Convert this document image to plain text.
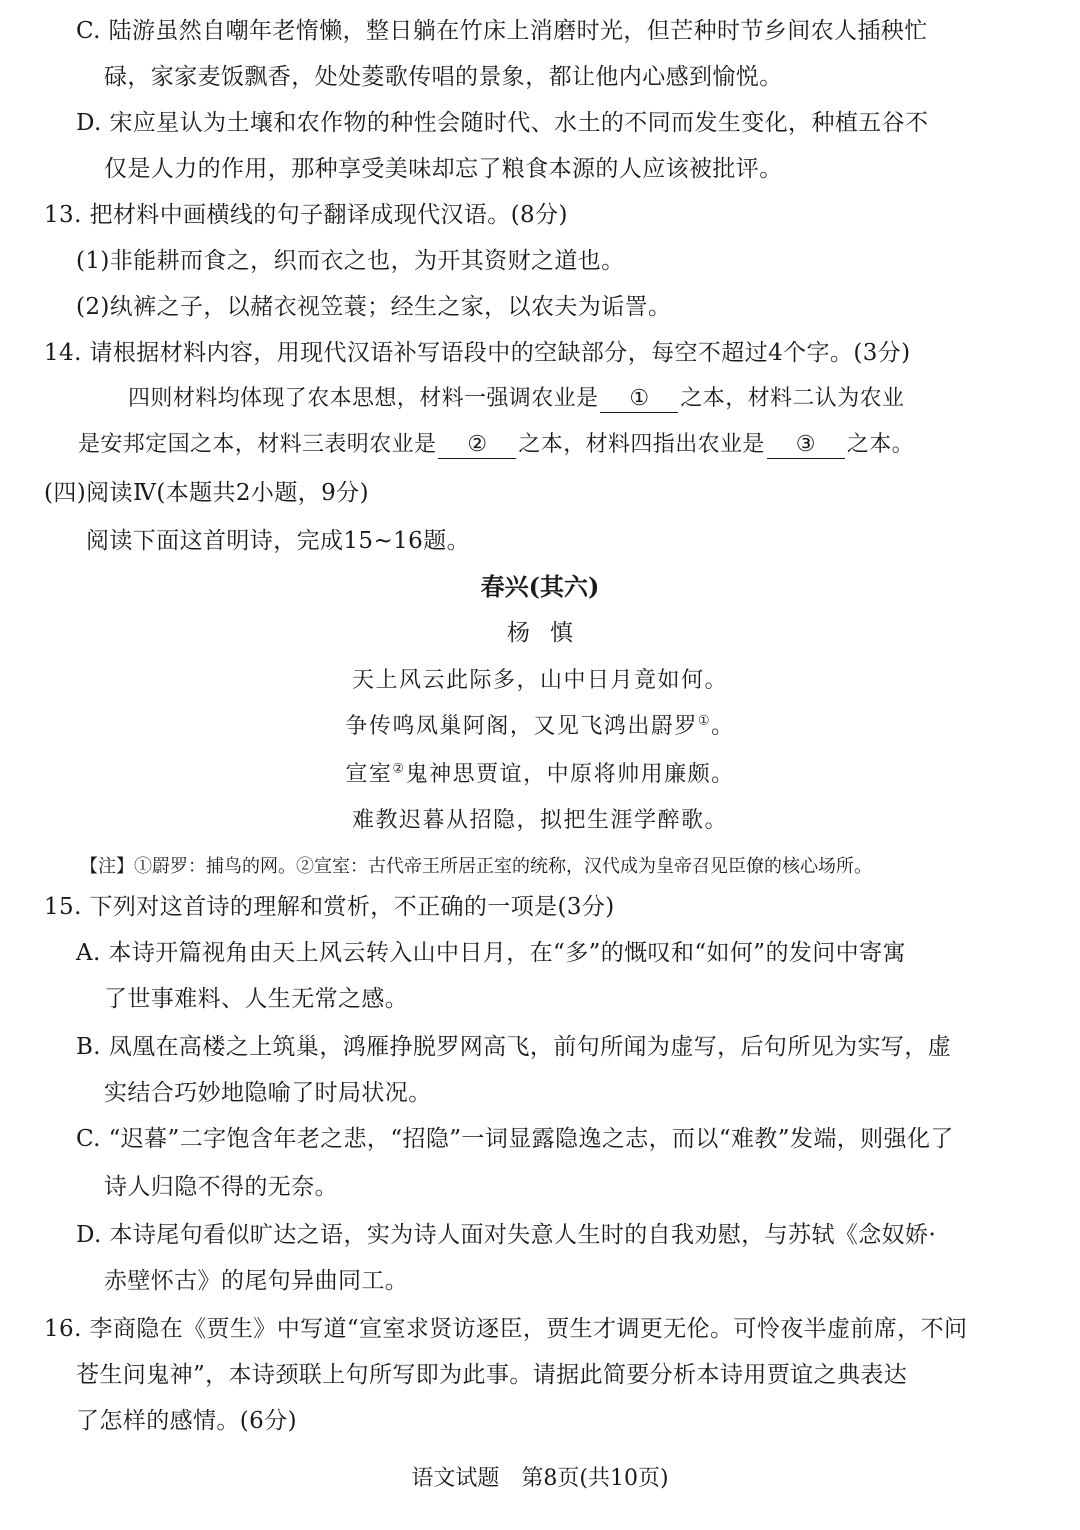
C. 陆游虽然自嘲年老惰懒，整日躺在竹床上消磨时光，但芒种时节乡间农人插秧忙
碌，家家麦饭飘香，处处菱歌传唱的景象，都让他内心感到愉悦。
D. 宋应星认为土壤和农作物的种性会随时代、水土的不同而发生变化，种植五谷不
仅是人力的作用，那种享受美味却忘了粮食本源的人应该被批评。
13. 把材料中画横线的句子翻译成现代汉语。(8分)
(1)非能耕而食之，织而衣之也，为开其资财之道也。
(2)纨裤之子，以赭衣视笠蓑；经生之家，以农夫为诟詈。
14. 请根据材料内容，用现代汉语补写语段中的空缺部分，每空不超过4个字。(3分)
四则材料均体现了农本思想，材料一强调农业是 ① 之本，材料二认为农业
是安邦定国之本，材料三表明农业是 ② 之本，材料四指出农业是 ③ 之本。
(四)阅读Ⅳ(本题共2小题，9分)
阅读下面这首明诗，完成15~16题。
春兴(其六)
杨慎
天上风云此际多，山中日月竟如何。
争传鸣凤巢阿阁，又见飞鸿出罻罗①。
宣室②鬼神思贾谊，中原将帅用廉颇。
难教迟暮从招隐，拟把生涯学醉歌。
【注】①罻罗：捕鸟的网。②宣室：古代帝王所居正室的统称，汉代成为皇帝召见臣僚的核心场所。
15. 下列对这首诗的理解和赏析，不正确的一项是(3分)
A. 本诗开篇视角由天上风云转入山中日月，在“多”的慨叹和“如何”的发问中寄寓
了世事难料、人生无常之感。
B. 凤凰在高楼之上筑巢，鸿雁挣脱罗网高飞，前句所闻为虚写，后句所见为实写，虚
实结合巧妙地隐喻了时局状况。
C. “迟暮”二字饱含年老之悲，“招隐”一词显露隐逸之志，而以“难教”发端，则强化了
诗人归隐不得的无奈。
D. 本诗尾句看似旷达之语，实为诗人面对失意人生时的自我劝慰，与苏轼《念奴娇·
赤壁怀古》的尾句异曲同工。
16. 李商隐在《贾生》中写道“宣室求贤访逐臣，贾生才调更无伦。可怜夜半虚前席，不问
苍生问鬼神”，本诗颈联上句所写即为此事。请据此简要分析本诗用贾谊之典表达
了怎样的感情。(6分)
语文试题　第8页(共10页)
